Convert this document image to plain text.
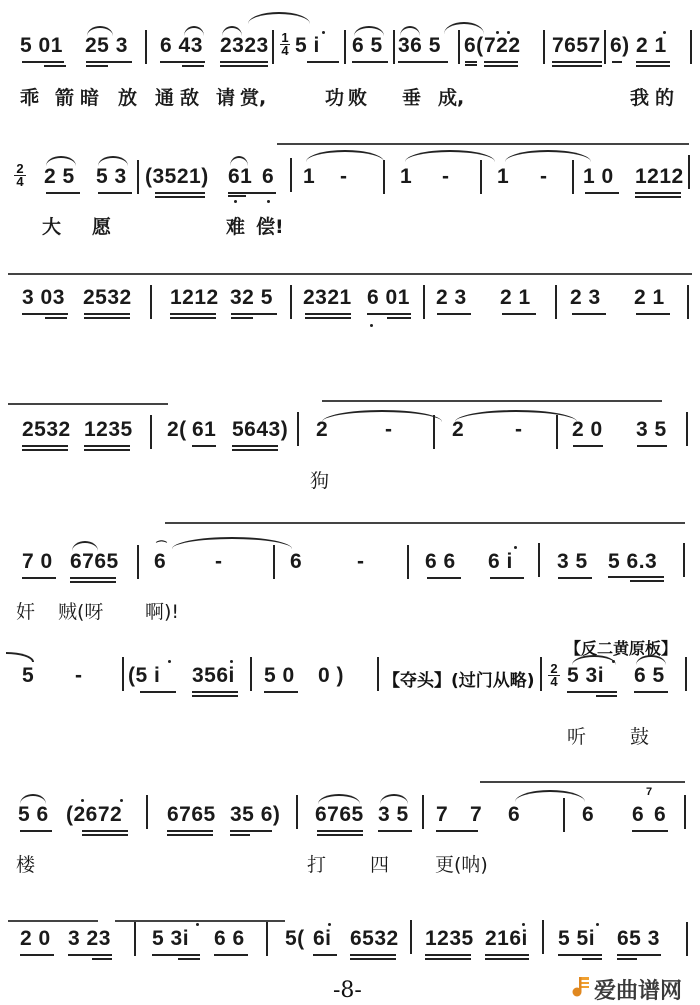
5 01 25 3 6 43 2323 1
4 5 i 6 5 36 5 6( 722 7657 6) 2 1
乖 箭 暗 放 通 敌 请 赏,	功 败 垂 成,	我 的
2
4 2 5 5 3 (3521) 61 6 1 -	1 - 1 - 1 0 1212
大 愿	难 偿!
3 03 2532 1212 32 5 2321 6 01 2 3 2 1 2 3 2 1
2532 1235 2( 61 5643) 2	-	2 - 2 0 3 5
狗
7 0 6765
⌒
6 -	6	-	6 6 6 i 3 5 5 6.3
奸 贼(呀 啊)!
5 - (5 i 356i 5 0 0 ) 【夺头】(过门从略)
【反二黄原板】
2
4 5 3i 6 5
听 鼓
5 6 (2672 6765 35 6) 6765 3 5 7 7 6	6 6
7
6
楼	打 四 更(呐)
2 0 3 23 5 3i 6 6 5( 6i 6532 1235 216i 5 5i 65 3
-8-	爱曲谱网
